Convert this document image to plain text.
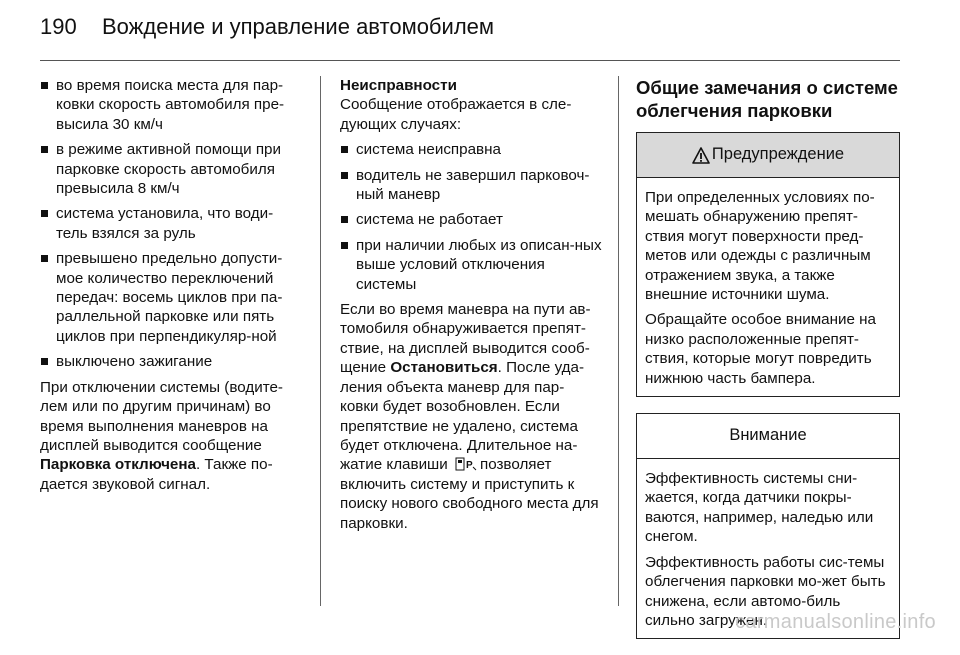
190	Вождение и управление автомобилем
во время поиска места для пар-ковки скорость автомобиля пре-высила 30 км/ч
в режиме активной помощи при парковке скорость автомобиля превысила 8 км/ч
система установила, что води-тель взялся за руль
превышено предельно допусти-мое количество переключений передач: восемь циклов при па-раллельной парковке или пять циклов при перпендикуляр-ной
выключено зажигание

При отключении системы (водите-лем или по другим причинам) во время выполнения маневров на дисплей выводится сообщение Парковка отключена. Также по-дается звуковой сигнал.

Неисправности

Сообщение отображается в сле-дующих случаях:

система неисправна
водитель не завершил парковоч-ный маневр
система не работает
при наличии любых из описан-ных выше условий отключения системы

Если во время маневра на пути ав-томобиля обнаруживается препят-ствие, на дисплей выводится сооб-щение Остановиться. После уда-ления объекта маневр для пар-ковки будет возобновлен. Если препятствие не удалено, система будет отключена. Длительное на-жатие клавиши P позволяет включить систему и приступить к поиску нового свободного места для парковки.

Общие замечания о системе облегчения парковки

Предупреждение

При определенных условиях по-мешать обнаружению препят-ствия могут поверхности пред-метов или одежды с различным отражением звука, а также внешние источники шума.

Обращайте особое внимание на низко расположенные препят-ствия, которые могут повредить нижнюю часть бампера.

Внимание

Эффективность системы сни-жается, когда датчики покры-ваются, например, наледью или снегом.

Эффективность работы сис-темы облегчения парковки мо-жет быть снижена, если автомо-биль сильно загружен.

carmanualsonline.info
